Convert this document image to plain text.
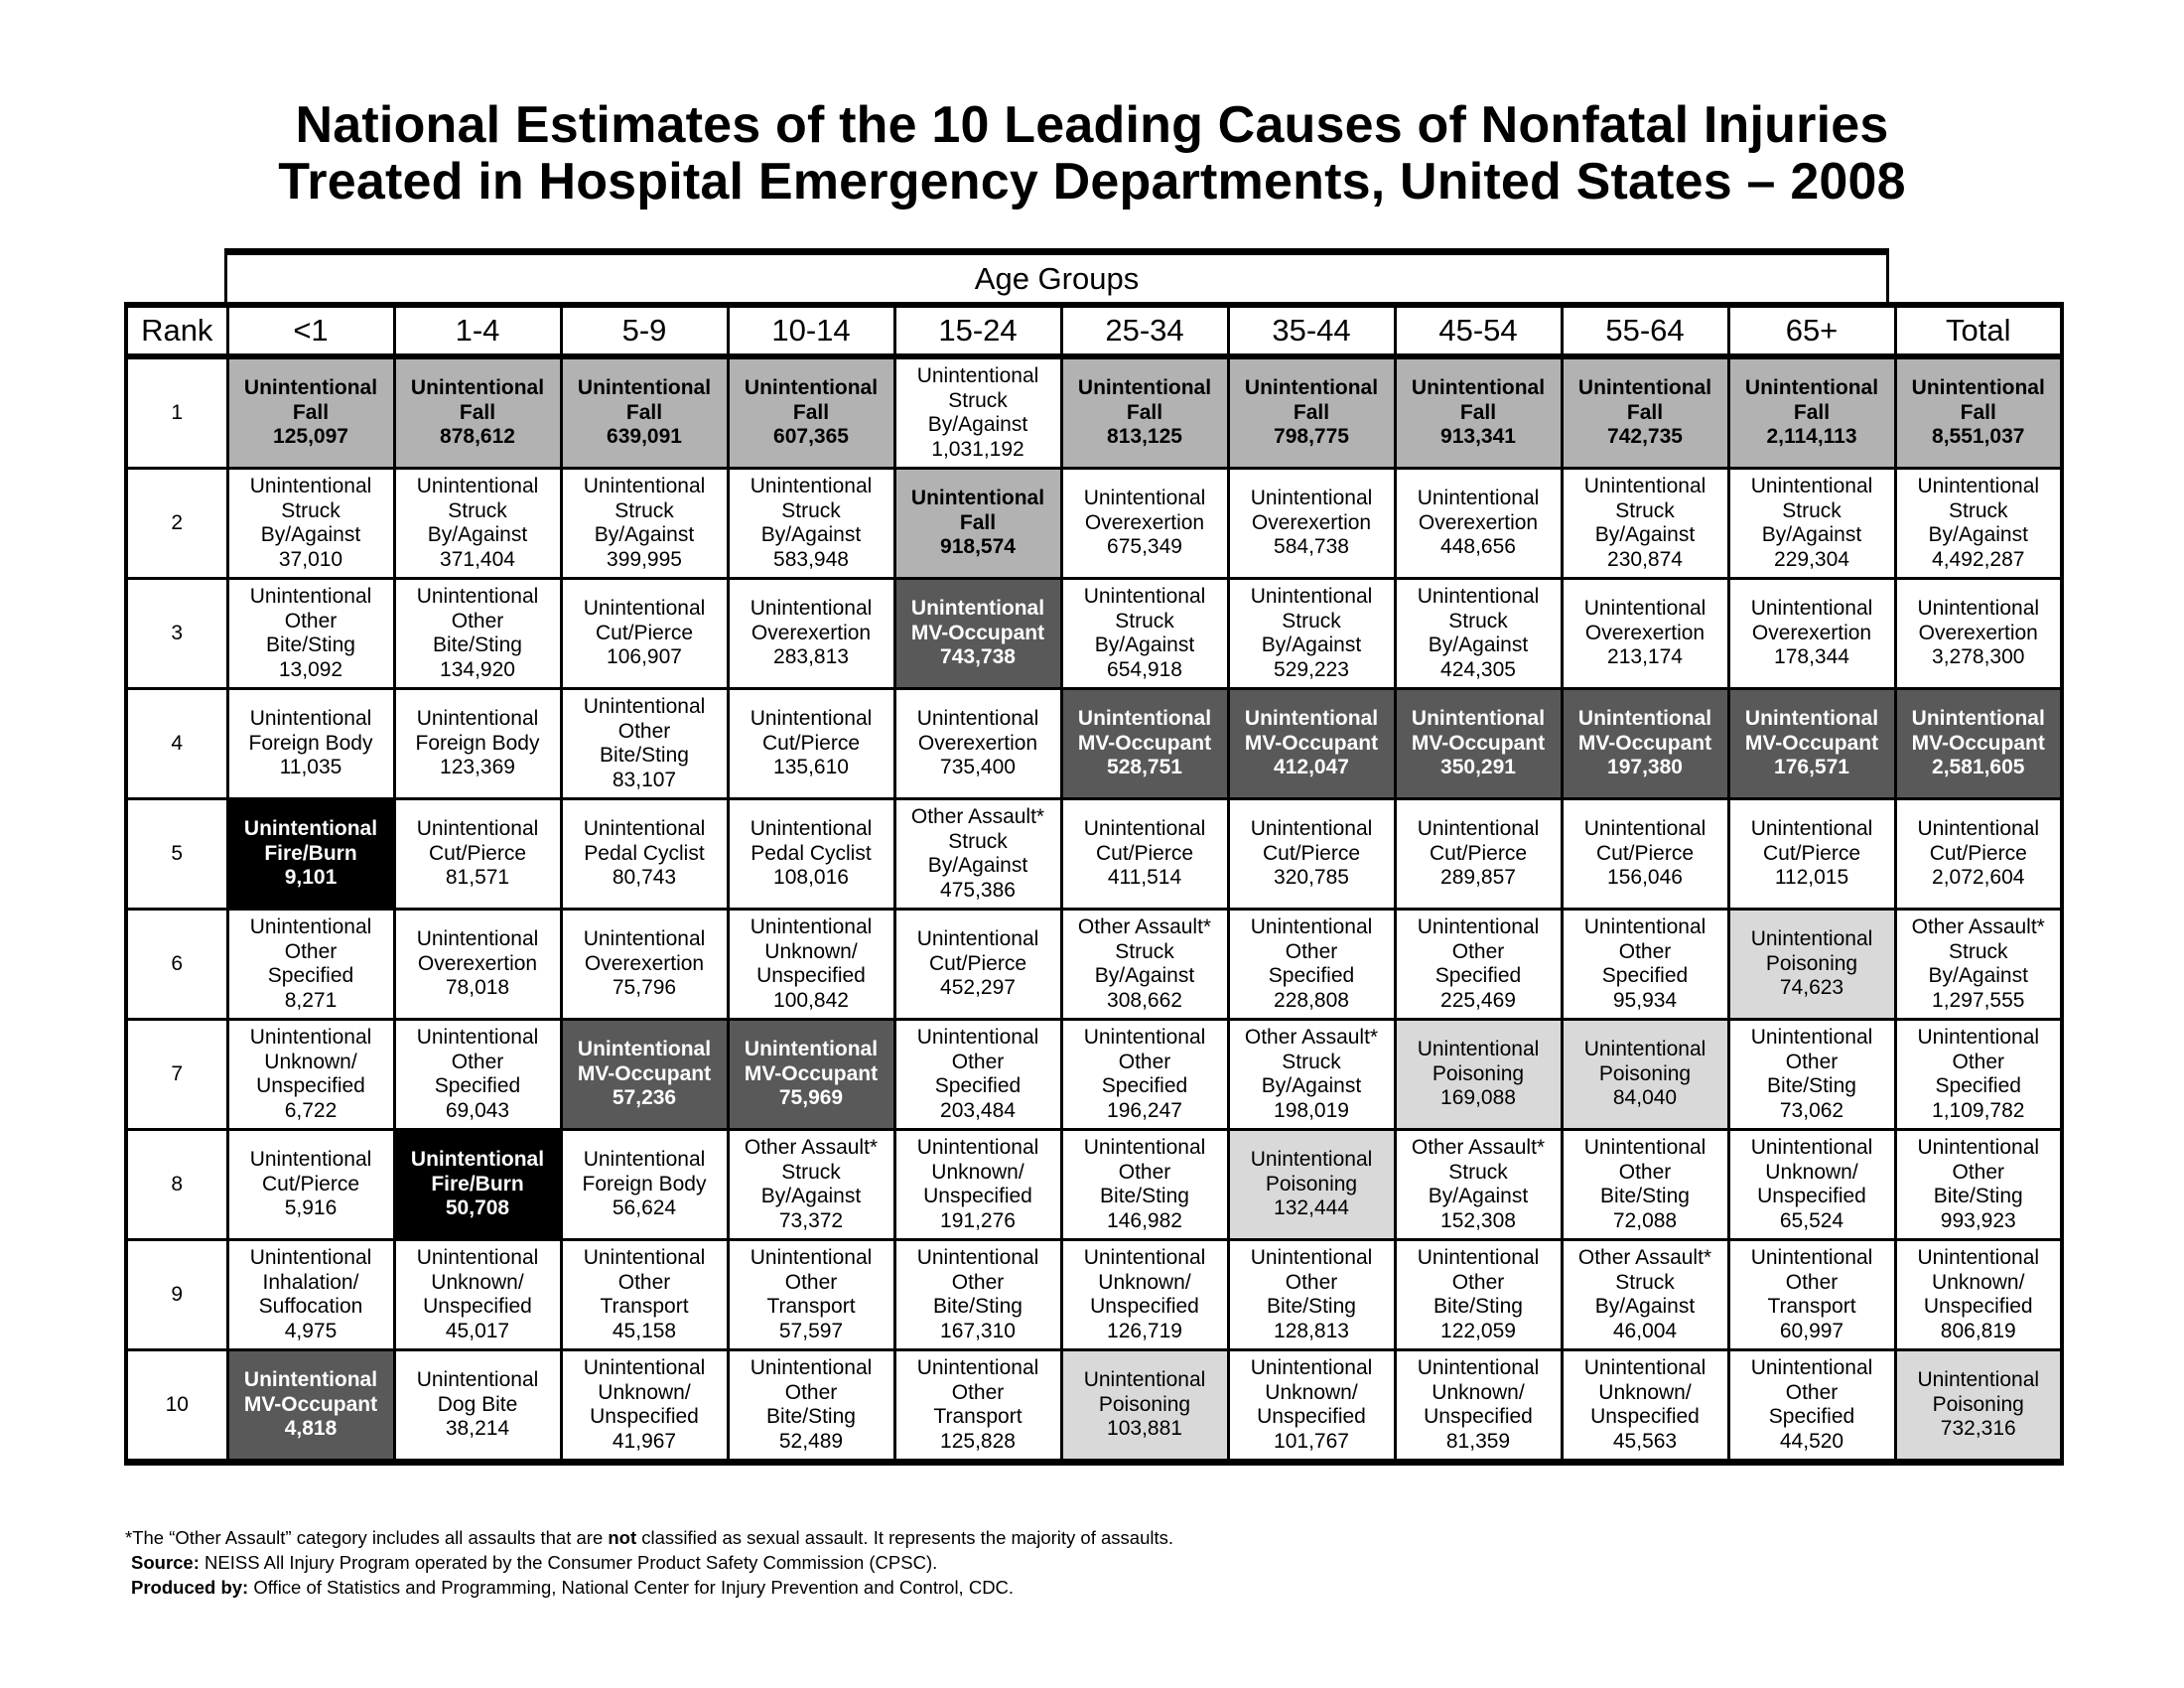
National Estimates of the 10 Leading Causes of Nonfatal Injuries
Treated in Hospital Emergency Departments, United States – 2008
Age Groups
Rank	<1	1-4	5-9	10-14	15-24	25-34	35-44	45-54	55-64	65+	Total
1	Unintentional
Fall
125,097	Unintentional
Fall
878,612	Unintentional
Fall
639,091	Unintentional
Fall
607,365	Unintentional
Struck
By/Against
1,031,192	Unintentional
Fall
813,125	Unintentional
Fall
798,775	Unintentional
Fall
913,341	Unintentional
Fall
742,735	Unintentional
Fall
2,114,113	Unintentional
Fall
8,551,037

2	Unintentional
Struck
By/Against
37,010	Unintentional
Struck
By/Against
371,404	Unintentional
Struck
By/Against
399,995	Unintentional
Struck
By/Against
583,948	Unintentional
Fall
918,574	Unintentional
Overexertion
675,349	Unintentional
Overexertion
584,738	Unintentional
Overexertion
448,656	Unintentional
Struck
By/Against
230,874	Unintentional
Struck
By/Against
229,304	Unintentional
Struck
By/Against
4,492,287

3	Unintentional
Other
Bite/Sting
13,092	Unintentional
Other
Bite/Sting
134,920	Unintentional
Cut/Pierce
106,907	Unintentional
Overexertion
283,813	Unintentional
MV-Occupant
743,738	Unintentional
Struck
By/Against
654,918	Unintentional
Struck
By/Against
529,223	Unintentional
Struck
By/Against
424,305	Unintentional
Overexertion
213,174	Unintentional
Overexertion
178,344	Unintentional
Overexertion
3,278,300

4	Unintentional
Foreign Body
11,035	Unintentional
Foreign Body
123,369	Unintentional
Other
Bite/Sting
83,107	Unintentional
Cut/Pierce
135,610	Unintentional
Overexertion
735,400	Unintentional
MV-Occupant
528,751	Unintentional
MV-Occupant
412,047	Unintentional
MV-Occupant
350,291	Unintentional
MV-Occupant
197,380	Unintentional
MV-Occupant
176,571	Unintentional
MV-Occupant
2,581,605

5	Unintentional
Fire/Burn
9,101	Unintentional
Cut/Pierce
81,571	Unintentional
Pedal Cyclist
80,743	Unintentional
Pedal Cyclist
108,016	Other Assault*
Struck
By/Against
475,386	Unintentional
Cut/Pierce
411,514	Unintentional
Cut/Pierce
320,785	Unintentional
Cut/Pierce
289,857	Unintentional
Cut/Pierce
156,046	Unintentional
Cut/Pierce
112,015	Unintentional
Cut/Pierce
2,072,604

6	Unintentional
Other
Specified
8,271	Unintentional
Overexertion
78,018	Unintentional
Overexertion
75,796	Unintentional
Unknown/
Unspecified
100,842	Unintentional
Cut/Pierce
452,297	Other Assault*
Struck
By/Against
308,662	Unintentional
Other
Specified
228,808	Unintentional
Other
Specified
225,469	Unintentional
Other
Specified
95,934	Unintentional
Poisoning
74,623	Other Assault*
Struck
By/Against
1,297,555

7	Unintentional
Unknown/
Unspecified
6,722	Unintentional
Other
Specified
69,043	Unintentional
MV-Occupant
57,236	Unintentional
MV-Occupant
75,969	Unintentional
Other
Specified
203,484	Unintentional
Other
Specified
196,247	Other Assault*
Struck
By/Against
198,019	Unintentional
Poisoning
169,088	Unintentional
Poisoning
84,040	Unintentional
Other
Bite/Sting
73,062	Unintentional
Other
Specified
1,109,782

8	Unintentional
Cut/Pierce
5,916	Unintentional
Fire/Burn
50,708	Unintentional
Foreign Body
56,624	Other Assault*
Struck
By/Against
73,372	Unintentional
Unknown/
Unspecified
191,276	Unintentional
Other
Bite/Sting
146,982	Unintentional
Poisoning
132,444	Other Assault*
Struck
By/Against
152,308	Unintentional
Other
Bite/Sting
72,088	Unintentional
Unknown/
Unspecified
65,524	Unintentional
Other
Bite/Sting
993,923

9	Unintentional
Inhalation/
Suffocation
4,975	Unintentional
Unknown/
Unspecified
45,017	Unintentional
Other
Transport
45,158	Unintentional
Other
Transport
57,597	Unintentional
Other
Bite/Sting
167,310	Unintentional
Unknown/
Unspecified
126,719	Unintentional
Other
Bite/Sting
128,813	Unintentional
Other
Bite/Sting
122,059	Other Assault*
Struck
By/Against
46,004	Unintentional
Other
Transport
60,997	Unintentional
Unknown/
Unspecified
806,819

10	Unintentional
MV-Occupant
4,818	Unintentional
Dog Bite
38,214	Unintentional
Unknown/
Unspecified
41,967	Unintentional
Other
Bite/Sting
52,489	Unintentional
Other
Transport
125,828	Unintentional
Poisoning
103,881	Unintentional
Unknown/
Unspecified
101,767	Unintentional
Unknown/
Unspecified
81,359	Unintentional
Unknown/
Unspecified
45,563	Unintentional
Other
Specified
44,520	Unintentional
Poisoning
732,316
*The “Other Assault” category includes all assaults that are not classified as sexual assault. It represents the majority of assaults.
Source: NEISS All Injury Program operated by the Consumer Product Safety Commission (CPSC).
Produced by: Office of Statistics and Programming, National Center for Injury Prevention and Control, CDC.
